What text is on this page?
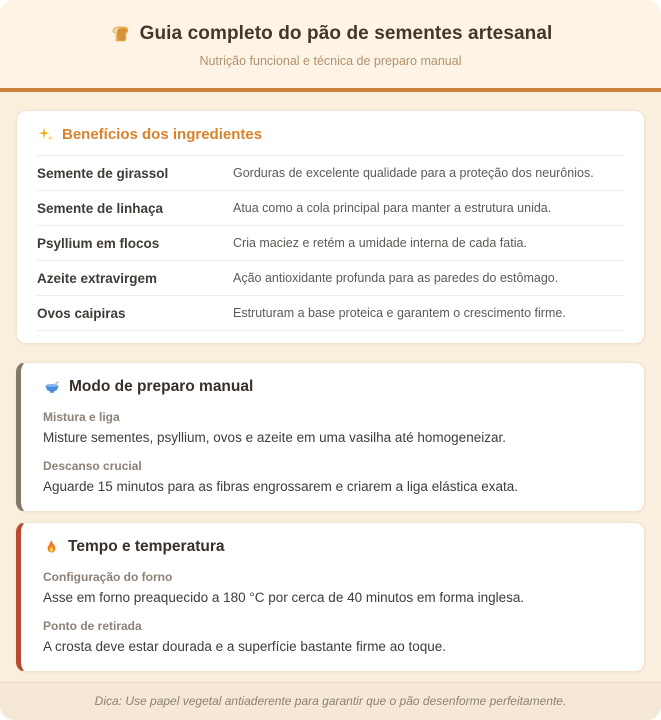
Guia completo do pão de sementes artesanal
Nutrição funcional e técnica de preparo manual
Benefícios dos ingredientes
Semente de girassol	Gorduras de excelente qualidade para a proteção dos neurônios.
Semente de linhaça	Atua como a cola principal para manter a estrutura unida.
Psyllium em flocos	Cria maciez e retém a umidade interna de cada fatia.
Azeite extravirgem	Ação antioxidante profunda para as paredes do estômago.
Ovos caipiras	Estruturam a base proteica e garantem o crescimento firme.
Modo de preparo manual
Mistura e liga
Misture sementes, psyllium, ovos e azeite em uma vasilha até homogeneizar.
Descanso crucial
Aguarde 15 minutos para as fibras engrossarem e criarem a liga elástica exata.
Tempo e temperatura
Configuração do forno
Asse em forno preaquecido a 180 °C por cerca de 40 minutos em forma inglesa.
Ponto de retirada
A crosta deve estar dourada e a superfície bastante firme ao toque.
Dica: Use papel vegetal antiaderente para garantir que o pão desenforme perfeitamente.
